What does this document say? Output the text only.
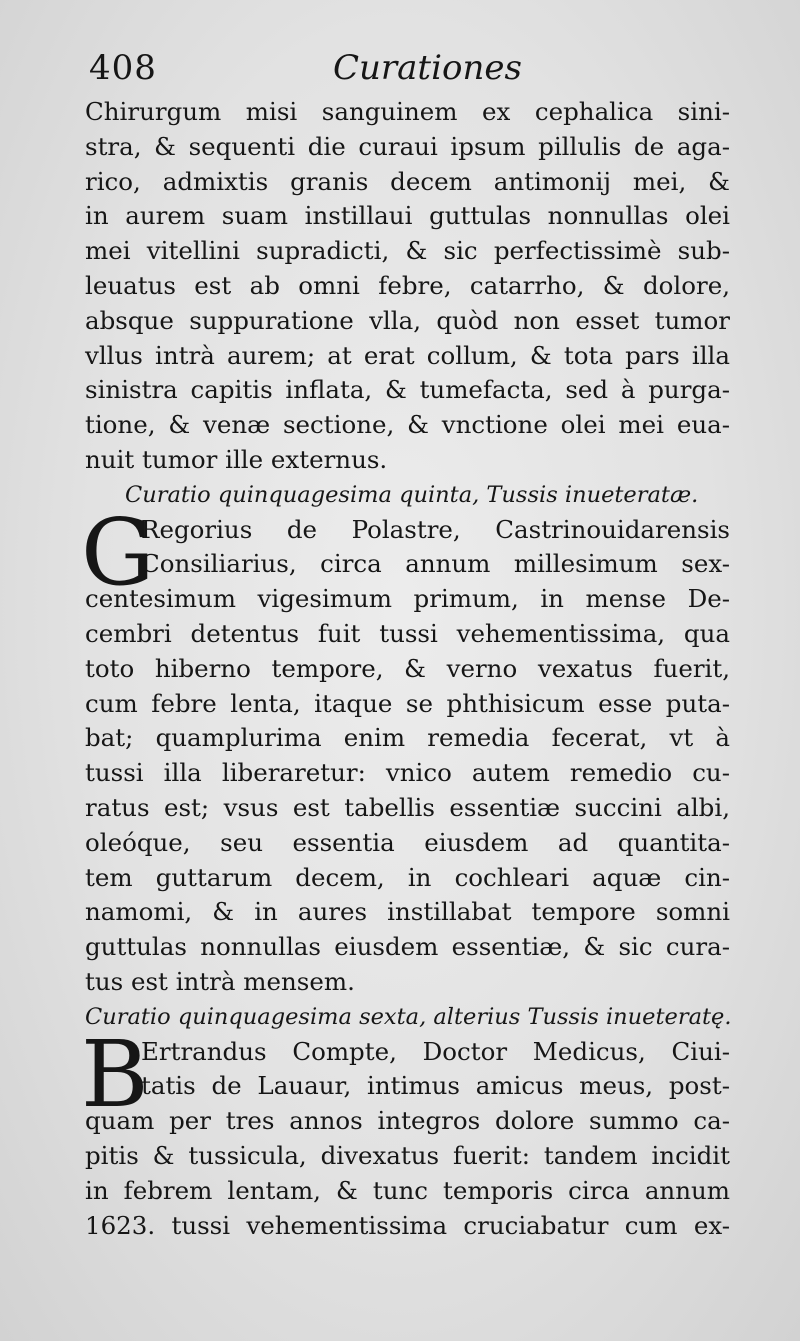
408	Curationes
Chirurgum misi sanguinem ex cephalica sini-
stra, & sequenti die curaui ipsum pillulis de aga-
rico, admixtis granis decem antimonij mei, &
in aurem suam instillaui guttulas nonnullas olei
mei vitellini supradicti, & sic perfectissimè sub-
leuatus est ab omni febre, catarrho, & dolore,
absque suppuratione vlla, quòd non esset tumor
vllus intrà aurem; at erat collum, & tota pars illa
sinistra capitis inflata, & tumefacta, sed à purga-
tione, & venæ sectione, & vnctione olei mei eua-
nuit tumor ille externus.
Curatio quinquagesima quinta, Tussis inueteratæ.
G
Regorius de Polastre, Castrinouidarensis
Consiliarius, circa annum millesimum sex-
centesimum vigesimum primum, in mense De-
cembri detentus fuit tussi vehementissima, qua
toto hiberno tempore, & verno vexatus fuerit,
cum febre lenta, itaque se phthisicum esse puta-
bat; quamplurima enim remedia fecerat, vt à
tussi illa liberaretur: vnico autem remedio cu-
ratus est; vsus est tabellis essentiæ succini albi,
oleóque, seu essentia eiusdem ad quantita-
tem guttarum decem, in cochleari aquæ cin-
namomi, & in aures instillabat tempore somni
guttulas nonnullas eiusdem essentiæ, & sic cura-
tus est intrà mensem.
Curatio quinquagesima sexta, alterius Tussis inueteratę.
B
Ertrandus Compte, Doctor Medicus, Ciui-
tatis de Lauaur, intimus amicus meus, post-
quam per tres annos integros dolore summo ca-
pitis & tussicula, divexatus fuerit: tandem incidit
in febrem lentam, & tunc temporis circa annum
1623. tussi vehementissima cruciabatur cum ex-
